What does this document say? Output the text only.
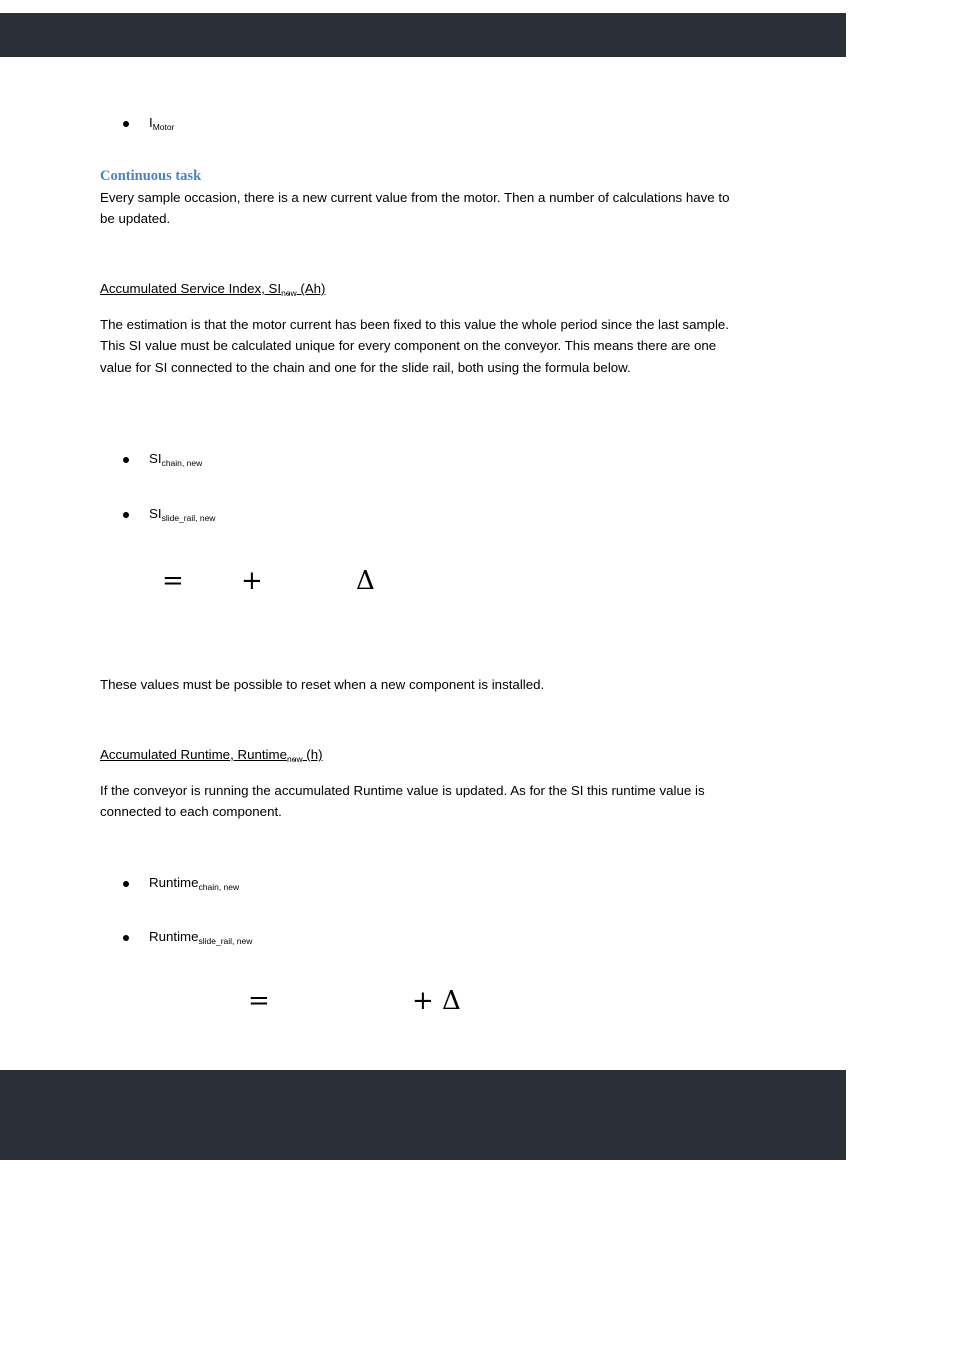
$I_{Motor}$
Continuous task
Every sample occasion, there is a new current value from the motor. Then a number of calculations have to be updated.
Accumulated Service Index, $SI_{new}$ (Ah)
The estimation is that the motor current has been fixed to this value the whole period since the last sample. This SI value must be calculated unique for every component on the conveyor. This means there are one value for SI connected to the chain and one for the slide rail, both using the formula below.
$SI_{chain, new}$
$SI_{slide\_rail, new}$
= +	Δ
These values must be possible to reset when a new component is installed.
Accumulated Runtime, Runtime$_{new}$ (h)
If the conveyor is running the accumulated Runtime value is updated. As for the SI this runtime value is connected to each component.
Runtime$_{chain, new}$
Runtime$_{slide\_rail, new}$
=	+ Δ
